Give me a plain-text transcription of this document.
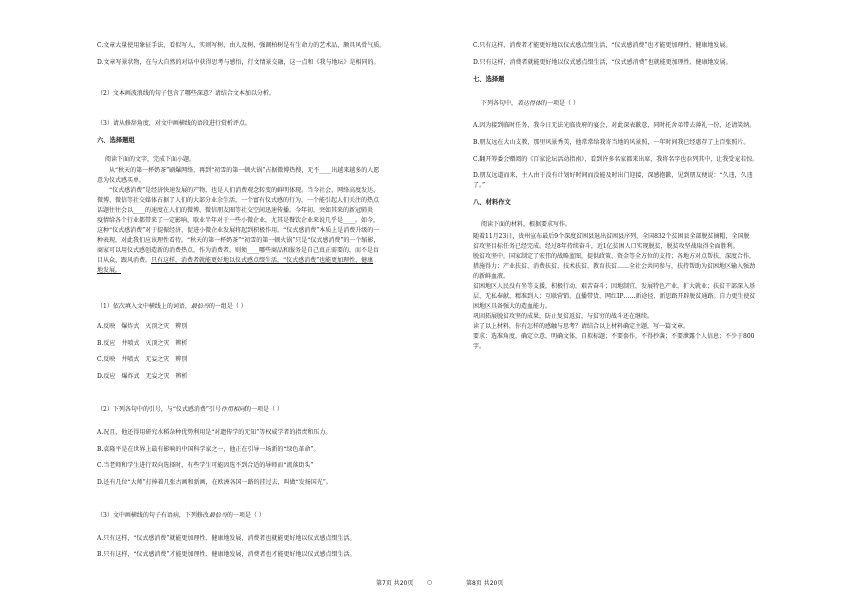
C.文章大量使用象征手法，看似写人，实则写树，由人及树，强调柏树是有生命力的艺术品，颇具风骨气质。
D.文章写景状物，在与大自然的对话中获得思考与感悟，行文情景交融，这一点和《我与地坛》是相同的。
（2）文本画波浪线的句子包含了哪些深意？请结合文本加以分析。
（3）请从修辞角度，对文中画横线的语段进行赏析评点。
六、选择题组
阅读下面的文字，完成下面小题。
从“秋天的第一杯奶茶”刷爆网络，再到“初雪的第一顿火锅”占据微博热搜，无不____出越来越多的人愿
意为仪式感买单。
“仪式感消费”是经济快速发展的产物，也是人们消费观念转变的鲜明体现。当今社会，网络高度发达，
微博、微信等社交媒体占据了人们的大部分业余生活，一个富有仪式感的行为，一个能引起人们关注的热点
话题往往会以____的速度在人们的微博、微信朋友圈等社交空间迅速传播。今年初，突如其来的新冠肺炎
疫情给各个行业都带来了一定影响，歇业半年对于一些小微企业，尤其是餐饮企业来说几乎是____。如今，
这种“仪式感消费”对于提振经济、促进小微企业发展将起到积极作用。“仪式感消费”本质上是消费升级的一
种表现，对此我们应该理性看待。“秋天的第一杯奶茶”“初雪的第一顿火锅”只是“仪式感消费”的一个缩影，
商家可以用仪式感创造新的消费热点，作为消费者，则须____哪些商品和服务是自己真正需要的，而不是盲
目从众、跟风消费。只有这样，消费者就能更好地以仪式感点缀生活，“仪式感消费”也能更加理性、健康
地发展。
（1）依次填入文中横线上的词语，最恰当的一组是（ ）
A.反映　爆炸式　灭顶之灾　辨别
B.反应　井喷式　灭顶之灾　辨析
C.反映　井喷式　无妄之灾　辨别
D.反应　爆炸式　无妄之灾　辨析
（2）下列各句中的引号，与“仪式感消费”引号作用相同的一项是（ ）
A.况且，他还得用研究水稻杂种优势利用是“对遗传学的无知”等权威学者的指责和压力。
B.袁隆平是在世界上最有影响的中国科学家之一，他正在引导一场新的“绿色革命”。
C.当老师和学生进行双向选择时，有些学生可能因选不到合适的导师而“流落街头”
D.还有几位“大师”打捧着几张古画和新画，在欧洲各国一路的挂过去，叫做“发扬国光”。
（3）文中画横线的句子有语病，下列修改最恰当的一项是（ ）
A.只有这样，“仪式感消费”就能更加理性、健康地发展，消费者也就能更好地以仪式感点缀生活。
B.只有这样，“仪式感消费”才能更加理性、健康地发展，消费者也才能更好地以仪式感点缀生活。
C.只有这样，消费者才能更好地以仪式感点缀生活，“仪式感消费”也才能更加理性、健康地发展。
D.只有这样，消费者就能更好地以仪式感点缀生活，“仪式感消费”也就能更加理性、健康地发展。
七、选择题
下列各句中，表达得体的一项是（ ）
A.因为接到临时任务，我今日无法光临贵府的宴会，对此深表歉意，同时托舍弟带去薄礼一份，还请笑纳。
B.朋友远在大山支教，那里风景秀美，他常常给我寄当地的风景照，一年时间我已经惠存了上百张照片。
C.翻开筹委会赠阅的《百家论坛活动指南》，看到许多名家都来出席，我将名字也忝列其中，让我受宠若惊。
D.朋友远道而来，主人由于没有计划好时间而没能及时出门迎接，深感抱歉，见到朋友便说：“久违，久违
了。”
八、材料作文
阅读下面的材料，根据要求写作。
随着11月23日，贵州宣布最后9个深度贫困县退出贫困县序列，全国832个贫困县全部脱贫摘帽，全国脱
贫攻坚目标任务已经完成。经过8年持续奋斗，近1亿贫困人口实现脱贫，脱贫攻坚战取得全面胜利。
脱贫攻坚中，国家制定了宏伟的战略蓝图，提供政策、资金等全方位的支持；各地方对点帮扶，深度合作，
措施得力；产业扶贫、消费扶贫、技术扶贫、教育扶贫……全社会共同参与，扶持帮助为贫困地区输入强劲
的新鲜血液。
贫困地区人民没有坐等支援，积极行动，艰苦奋斗；因地制宜，发展特色产业，扩大就业；扶贫干部深入基
层、无私奉献，精准到人；互联营销、直播带货、网红IP……新途径、新思路开辟脱贫通路。自力更生使贫
困地区具备强大的造血能力。
巩固拓展脱贫攻坚的成果，防止复贫返贫，与贫穷的战斗还在继续。
读了以上材料，你有怎样的感触与思考？请结合以上材料确定主题，写一篇文章。
要求：选准角度，确定立意，明确文体，自拟标题；不要套作，不得抄袭；不要泄露个人信息；不少于800
字。
第7页 共20页 ○	第8页 共20页
